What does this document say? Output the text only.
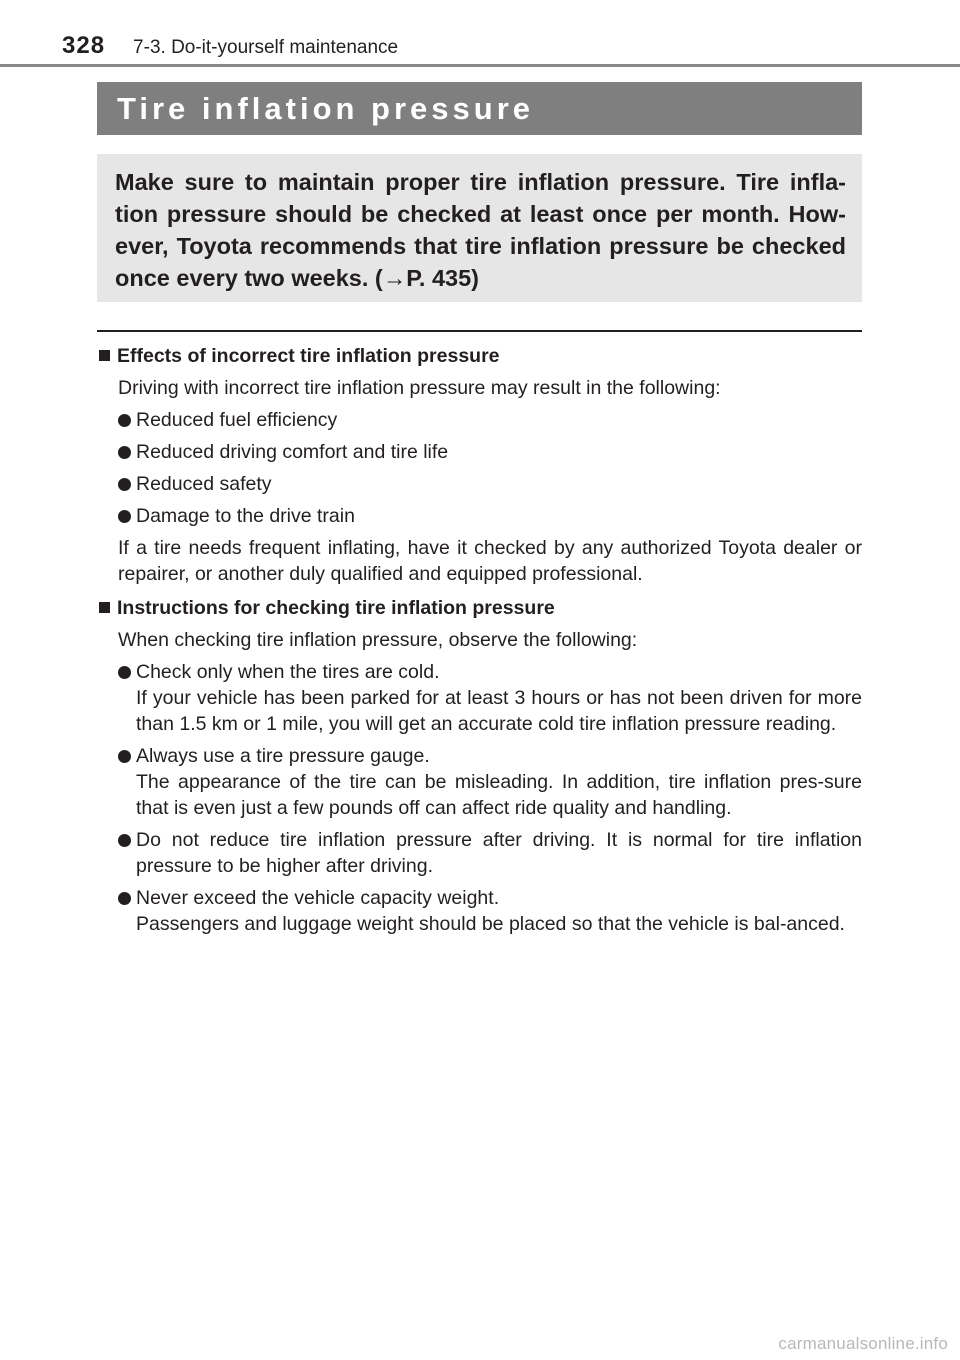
328 7-3. Do-it-yourself maintenance
Tire inflation pressure

Make sure to maintain proper tire inflation pressure. Tire infla-tion pressure should be checked at least once per month. How-ever, Toyota recommends that tire inflation pressure be checked once every two weeks. (→P. 435)

Effects of incorrect tire inflation pressure

Driving with incorrect tire inflation pressure may result in the following:

Reduced fuel efficiency

Reduced driving comfort and tire life

Reduced safety

Damage to the drive train

If a tire needs frequent inflating, have it checked by any authorized Toyota dealer or repairer, or another duly qualified and equipped professional.

Instructions for checking tire inflation pressure

When checking tire inflation pressure, observe the following:

Check only when the tires are cold.

If your vehicle has been parked for at least 3 hours or has not been driven for more than 1.5 km or 1 mile, you will get an accurate cold tire inflation pressure reading.

Always use a tire pressure gauge.

The appearance of the tire can be misleading. In addition, tire inflation pres-sure that is even just a few pounds off can affect ride quality and handling.

Do not reduce tire inflation pressure after driving. It is normal for tire inflation pressure to be higher after driving.

Never exceed the vehicle capacity weight.

Passengers and luggage weight should be placed so that the vehicle is bal-anced.

carmanualsonline.info
